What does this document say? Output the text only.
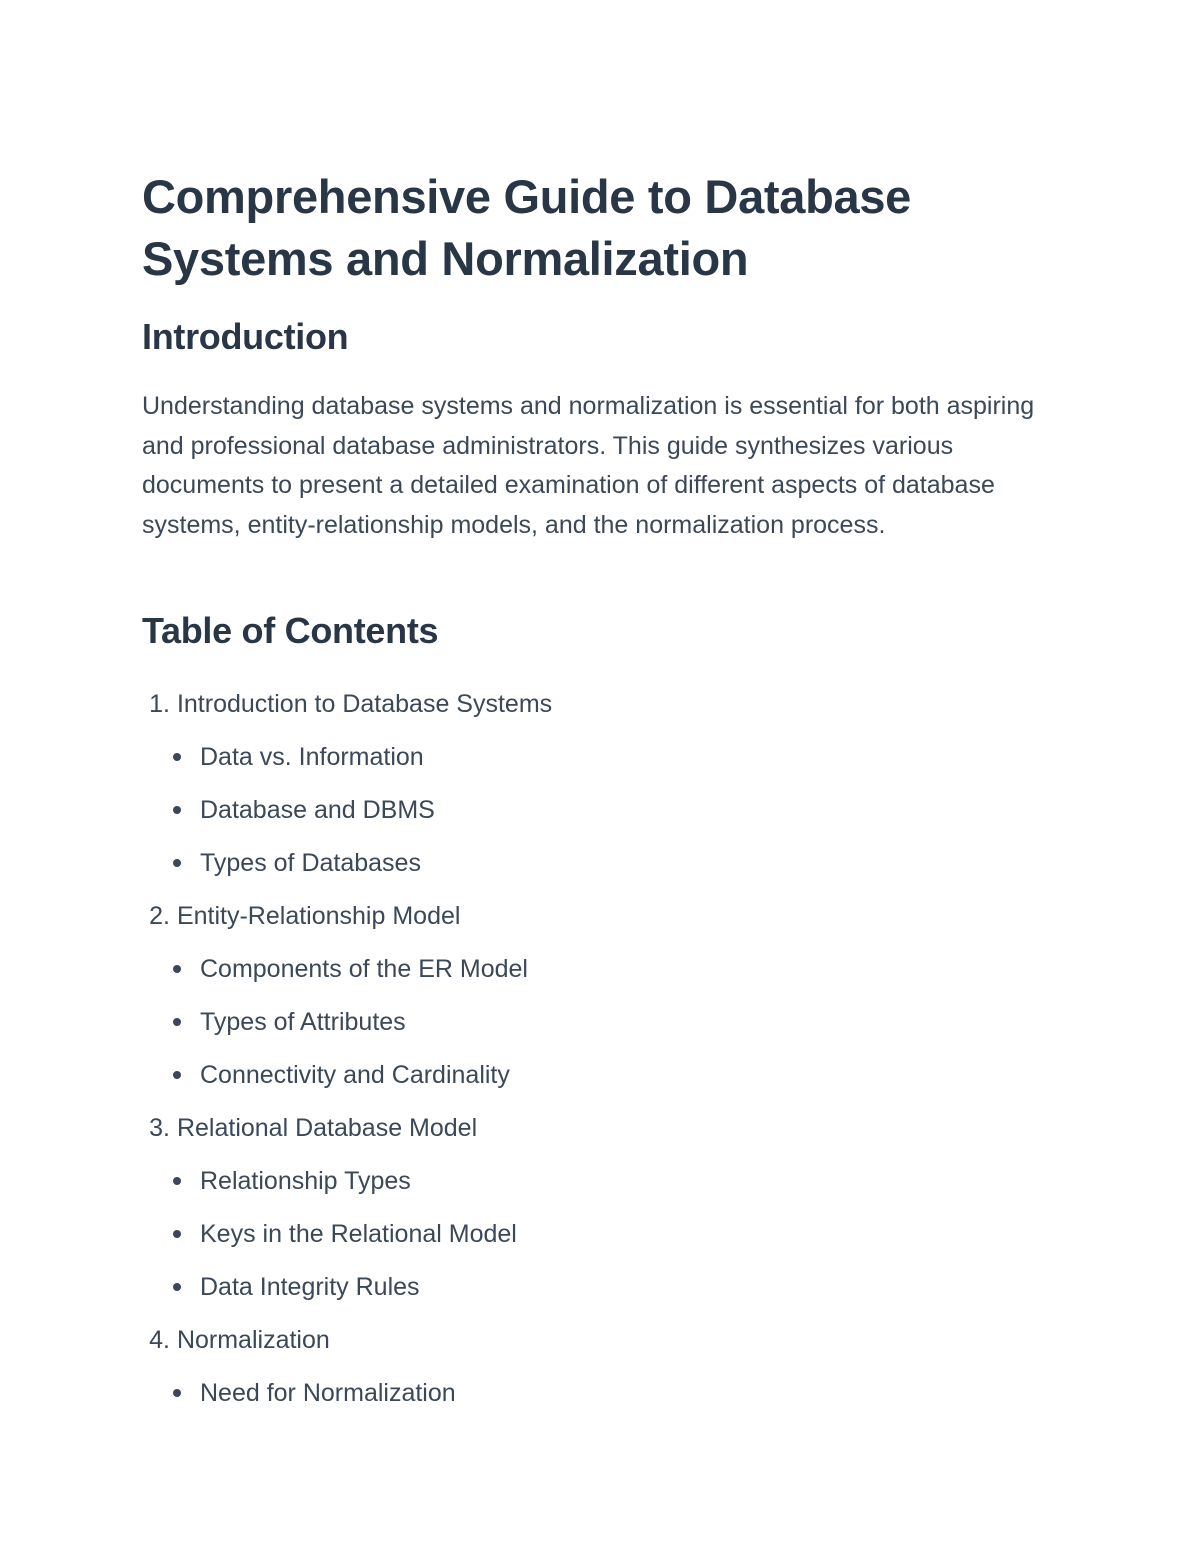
Comprehensive Guide to Database Systems and Normalization
Introduction

Understanding database systems and normalization is essential for both aspiring and professional database administrators. This guide synthesizes various documents to present a detailed examination of different aspects of database systems, entity-relationship models, and the normalization process.

Table of Contents
1. Introduction to Database Systems
Data vs. Information
Database and DBMS
Types of Databases
2. Entity-Relationship Model
Components of the ER Model
Types of Attributes
Connectivity and Cardinality
3. Relational Database Model
Relationship Types
Keys in the Relational Model
Data Integrity Rules
4. Normalization
Need for Normalization
